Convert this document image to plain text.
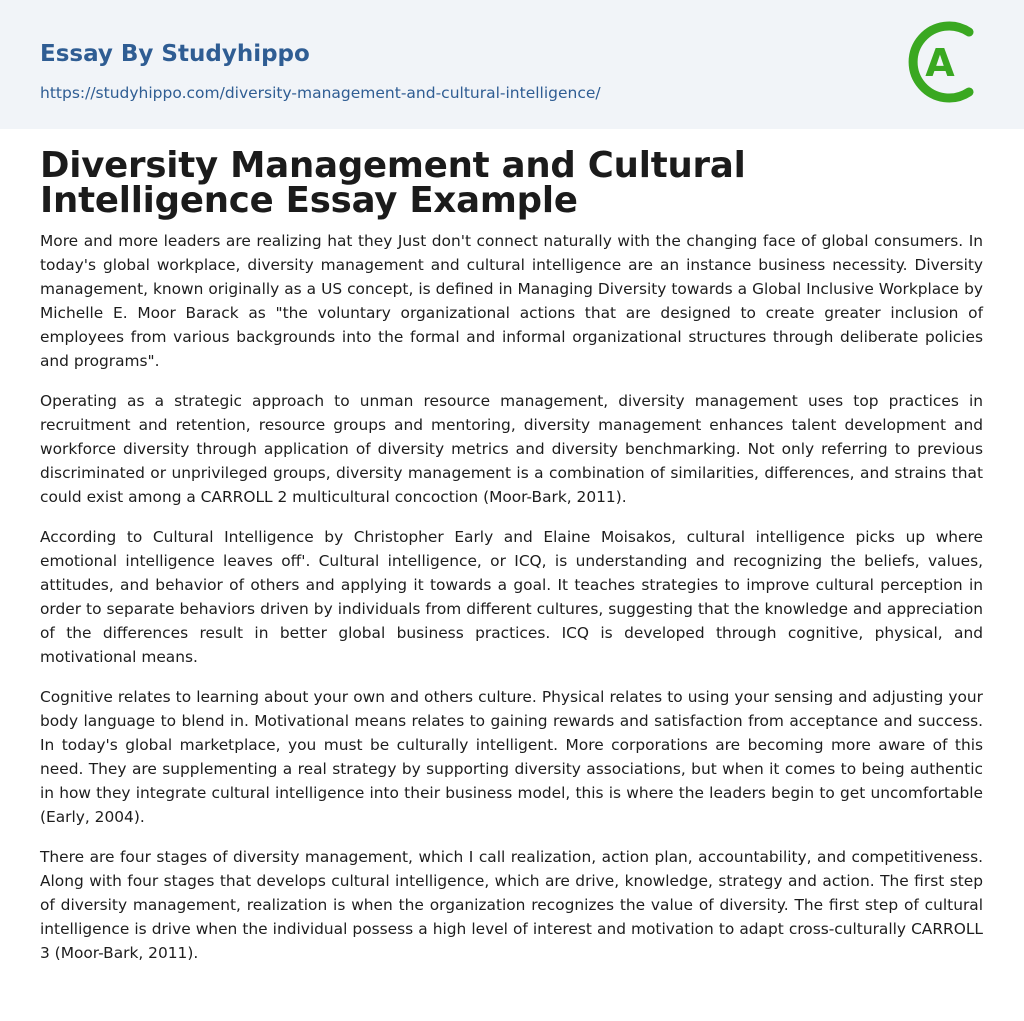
Essay By Studyhippo
https://studyhippo.com/diversity-management-and-cultural-intelligence/
A
Diversity Management and Cultural Intelligence Essay Example

More and more leaders are realizing hat they Just don't connect naturally with the changing face of global consumers. In today's global workplace, diversity management and cultural intelligence are an instance business necessity. Diversity management, known originally as a US concept, is defined in Managing Diversity towards a Global Inclusive Workplace by Michelle E. Moor Barack as "the voluntary organizational actions that are designed to create greater inclusion of employees from various backgrounds into the formal and informal organizational structures through deliberate policies and programs".

Operating as a strategic approach to unman resource management, diversity management uses top practices in recruitment and retention, resource groups and mentoring, diversity management enhances talent development and workforce diversity through application of diversity metrics and diversity benchmarking. Not only referring to previous discriminated or unprivileged groups, diversity management is a combination of similarities, differences, and strains that could exist among a CARROLL 2 multicultural concoction (Moor-Bark, 2011).

According to Cultural Intelligence by Christopher Early and Elaine Moisakos, cultural intelligence picks up where emotional intelligence leaves off'. Cultural intelligence, or ICQ, is understanding and recognizing the beliefs, values, attitudes, and behavior of others and applying it towards a goal. It teaches strategies to improve cultural perception in order to separate behaviors driven by individuals from different cultures, suggesting that the knowledge and appreciation of the differences result in better global business practices. ICQ is developed through cognitive, physical, and motivational means.

Cognitive relates to learning about your own and others culture. Physical relates to using your sensing and adjusting your body language to blend in. Motivational means relates to gaining rewards and satisfaction from acceptance and success. In today's global marketplace, you must be culturally intelligent. More corporations are becoming more aware of this need. They are supplementing a real strategy by supporting diversity associations, but when it comes to being authentic in how they integrate cultural intelligence into their business model, this is where the leaders begin to get uncomfortable (Early, 2004).

There are four stages of diversity management, which I call realization, action plan, accountability, and competitiveness. Along with four stages that develops cultural intelligence, which are drive, knowledge, strategy and action. The first step of diversity management, realization is when the organization recognizes the value of diversity. The first step of cultural intelligence is drive when the individual possess a high level of interest and motivation to adapt cross-culturally CARROLL 3 (Moor-Bark, 2011).
